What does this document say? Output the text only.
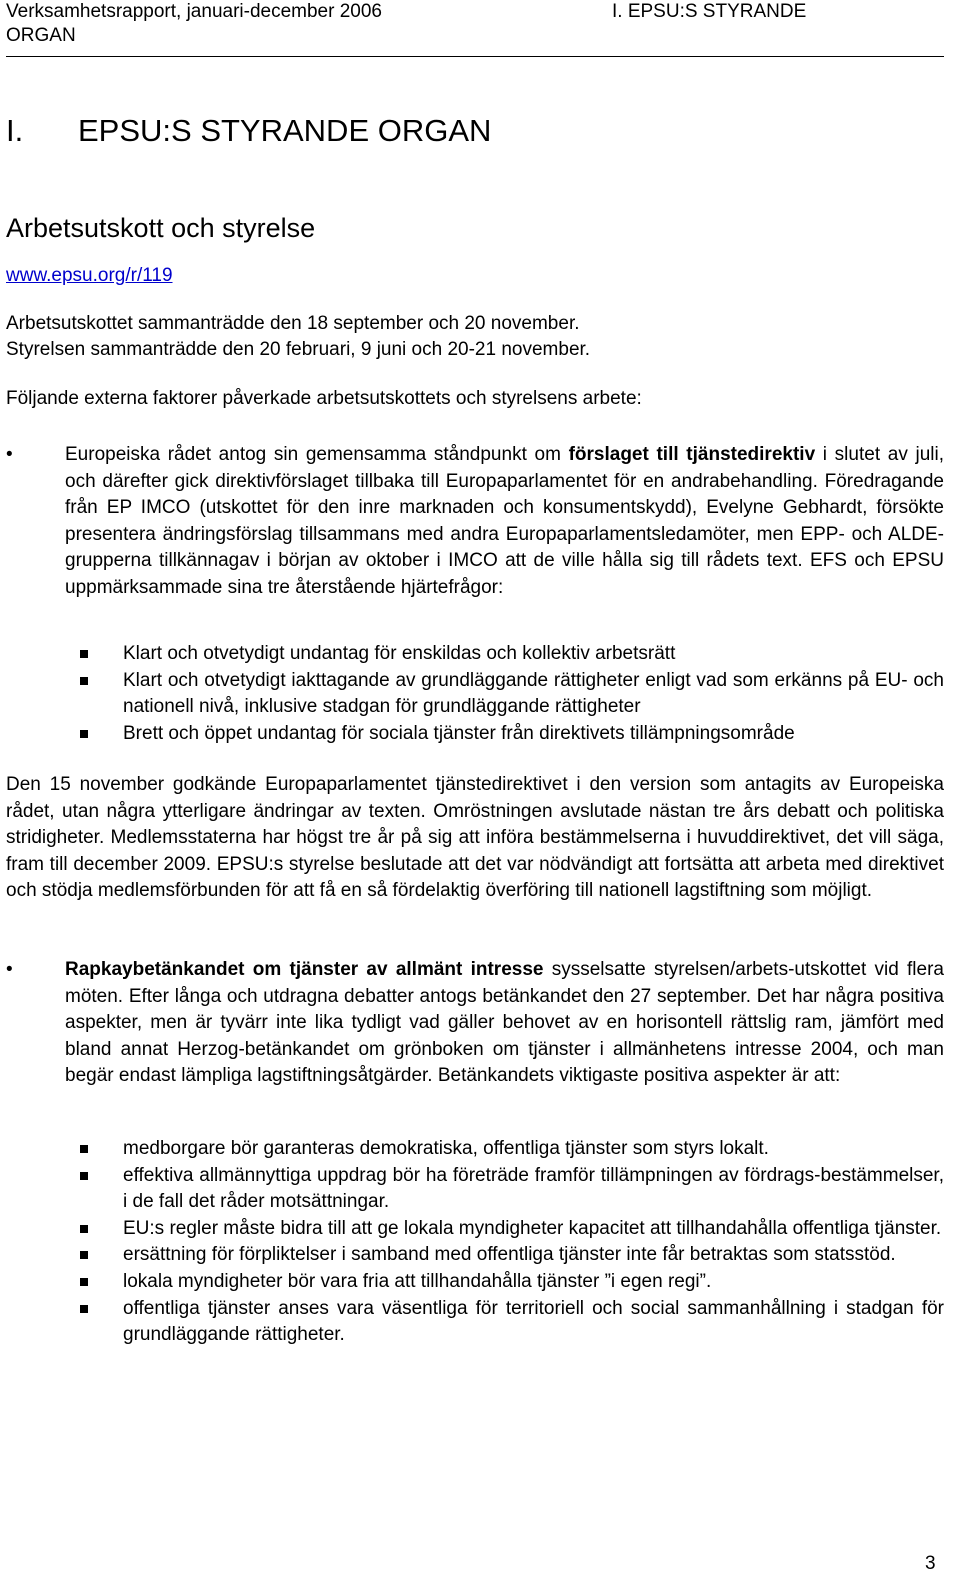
Verksamhetsrapport, januari-december 2006	I. EPSU:S STYRANDE
ORGAN
I. EPSU:S STYRANDE ORGAN
Arbetsutskott och styrelse
www.epsu.org/r/119

Arbetsutskottet sammanträdde den 18 september och 20 november.

Styrelsen sammanträdde den 20 februari, 9 juni och 20-21 november.

Följande externa faktorer påverkade arbetsutskottets och styrelsens arbete:

•	Europeiska rådet antog sin gemensamma ståndpunkt om förslaget till tjänstedirektiv i slutet av juli, och därefter gick direktivförslaget tillbaka till Europaparlamentet för en andrabehandling. Föredragande från EP IMCO (utskottet för den inre marknaden och konsumentskydd), Evelyne Gebhardt, försökte presentera ändringsförslag tillsammans med andra Europaparlamentsledamöter, men EPP- och ALDE-grupperna tillkännagav i början av oktober i IMCO att de ville hålla sig till rådets text. EFS och EPSU uppmärksammade sina tre återstående hjärtefrågor:
Klart och otvetydigt undantag för enskildas och kollektiv arbetsrätt
Klart och otvetydigt iakttagande av grundläggande rättigheter enligt vad som erkänns på EU- och nationell nivå, inklusive stadgan för grundläggande rättigheter
Brett och öppet undantag för sociala tjänster från direktivets tillämpningsområde

Den 15 november godkände Europaparlamentet tjänstedirektivet i den version som antagits av Europeiska rådet, utan några ytterligare ändringar av texten. Omröstningen avslutade nästan tre års debatt och politiska stridigheter. Medlemsstaterna har högst tre år på sig att införa bestämmelserna i huvuddirektivet, det vill säga, fram till december 2009. EPSU:s styrelse beslutade att det var nödvändigt att fortsätta att arbeta med direktivet och stödja medlemsförbunden för att få en så fördelaktig överföring till nationell lagstiftning som möjligt.

•	Rapkaybetänkandet om tjänster av allmänt intresse sysselsatte styrelsen/arbets-utskottet vid flera möten. Efter långa och utdragna debatter antogs betänkandet den 27 september. Det har några positiva aspekter, men är tyvärr inte lika tydligt vad gäller behovet av en horisontell rättslig ram, jämfört med bland annat Herzog-betänkandet om grönboken om tjänster i allmänhetens intresse 2004, och man begär endast lämpliga lagstiftningsåtgärder. Betänkandets viktigaste positiva aspekter är att:
medborgare bör garanteras demokratiska, offentliga tjänster som styrs lokalt.
effektiva allmännyttiga uppdrag bör ha företräde framför tillämpningen av fördrags-bestämmelser, i de fall det råder motsättningar.
EU:s regler måste bidra till att ge lokala myndigheter kapacitet att tillhandahålla offentliga tjänster.
ersättning för förpliktelser i samband med offentliga tjänster inte får betraktas som statsstöd.
lokala myndigheter bör vara fria att tillhandahålla tjänster ”i egen regi”.
offentliga tjänster anses vara väsentliga för territoriell och social sammanhållning i stadgan för grundläggande rättigheter.
3
